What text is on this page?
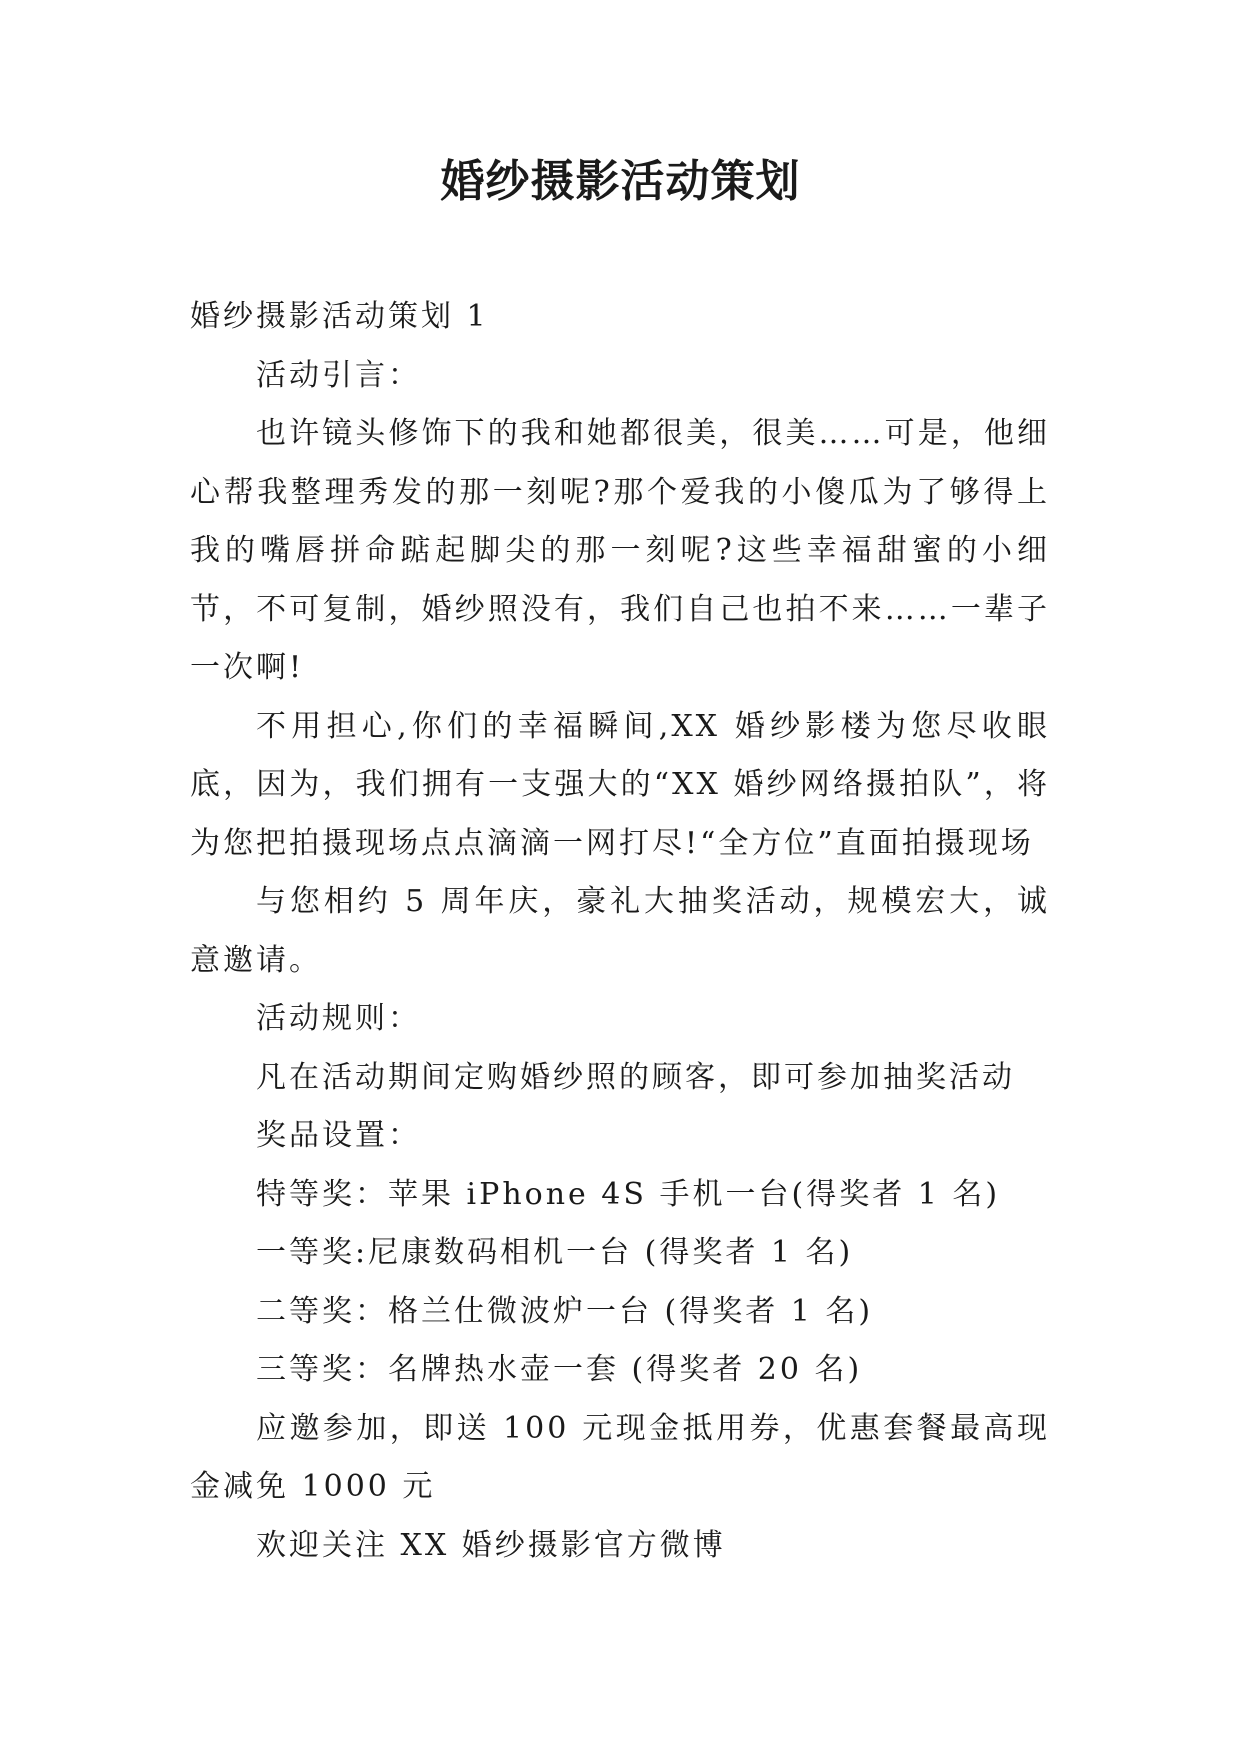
婚纱摄影活动策划

婚纱摄影活动策划 1

活动引言：

也许镜头修饰下的我和她都很美，很美……可是，他细心帮我整理秀发的那一刻呢?那个爱我的小傻瓜为了够得上我的嘴唇拼命踮起脚尖的那一刻呢?这些幸福甜蜜的小细节，不可复制，婚纱照没有，我们自己也拍不来……一辈子一次啊!

不用担心,你们的幸福瞬间,XX 婚纱影楼为您尽收眼底，因为，我们拥有一支强大的“XX 婚纱网络摄拍队”，将为您把拍摄现场点点滴滴一网打尽!“全方位”直面拍摄现场

与您相约 5 周年庆，豪礼大抽奖活动，规模宏大，诚意邀请。

活动规则：

凡在活动期间定购婚纱照的顾客，即可参加抽奖活动

奖品设置：

特等奖：苹果 iPhone 4S 手机一台(得奖者 1 名)

一等奖:尼康数码相机一台 (得奖者 1 名)

二等奖：格兰仕微波炉一台 (得奖者 1 名)

三等奖：名牌热水壶一套 (得奖者 20 名)

应邀参加，即送 100 元现金抵用券，优惠套餐最高现金减免 1000 元

欢迎关注 XX 婚纱摄影官方微博
